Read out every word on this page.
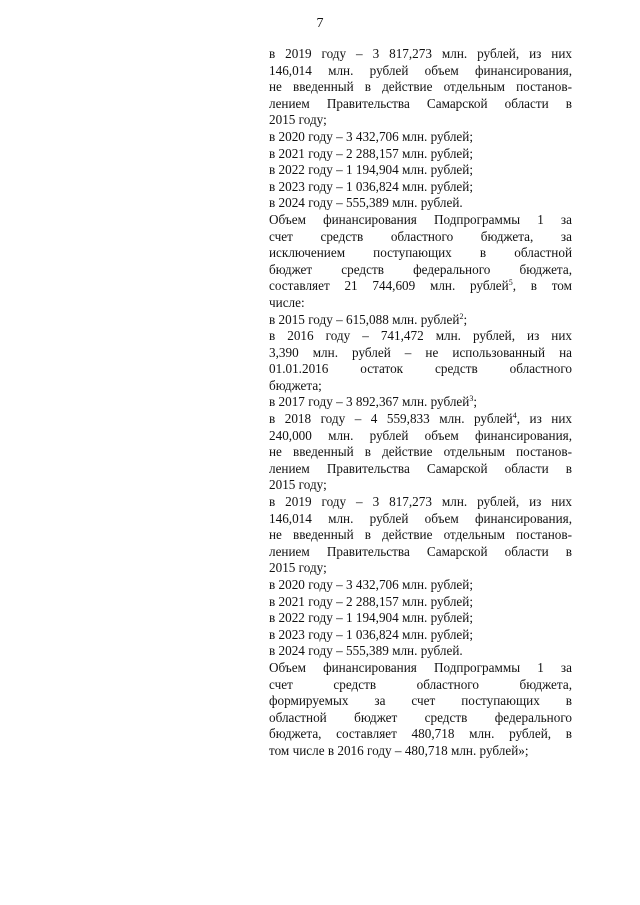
7
в 2019 году – 3 817,273 млн. рублей, из них
146,014 млн. рублей объем финансирования,
не введенный в действие отдельным постанов-
лением Правительства Самарской области в
2015 году;
в 2020 году – 3 432,706 млн. рублей;
в 2021 году – 2 288,157 млн. рублей;
в 2022 году – 1 194,904 млн. рублей;
в 2023 году – 1 036,824 млн. рублей;
в 2024 году – 555,389 млн. рублей.
Объем финансирования Подпрограммы 1 за
счет средств областного бюджета, за
исключением поступающих в областной
бюджет средств федерального бюджета,
составляет 21 744,609 млн. рублей$^5$, в том
числе:
в 2015 году – 615,088 млн. рублей$^2$;
в 2016 году – 741,472 млн. рублей, из них
3,390 млн. рублей – не использованный на
01.01.2016 остаток средств областного
бюджета;
в 2017 году – 3 892,367 млн. рублей$^3$;
в 2018 году – 4 559,833 млн. рублей$^4$, из них
240,000 млн. рублей объем финансирования,
не введенный в действие отдельным постанов-
лением Правительства Самарской области в
2015 году;
в 2019 году – 3 817,273 млн. рублей, из них
146,014 млн. рублей объем финансирования,
не введенный в действие отдельным постанов-
лением Правительства Самарской области в
2015 году;
в 2020 году – 3 432,706 млн. рублей;
в 2021 году – 2 288,157 млн. рублей;
в 2022 году – 1 194,904 млн. рублей;
в 2023 году – 1 036,824 млн. рублей;
в 2024 году – 555,389 млн. рублей.
Объем финансирования Подпрограммы 1 за
счет средств областного бюджета,
формируемых за счет поступающих в
областной бюджет средств федерального
бюджета, составляет 480,718 млн. рублей, в
том числе в 2016 году – 480,718 млн. рублей»;
